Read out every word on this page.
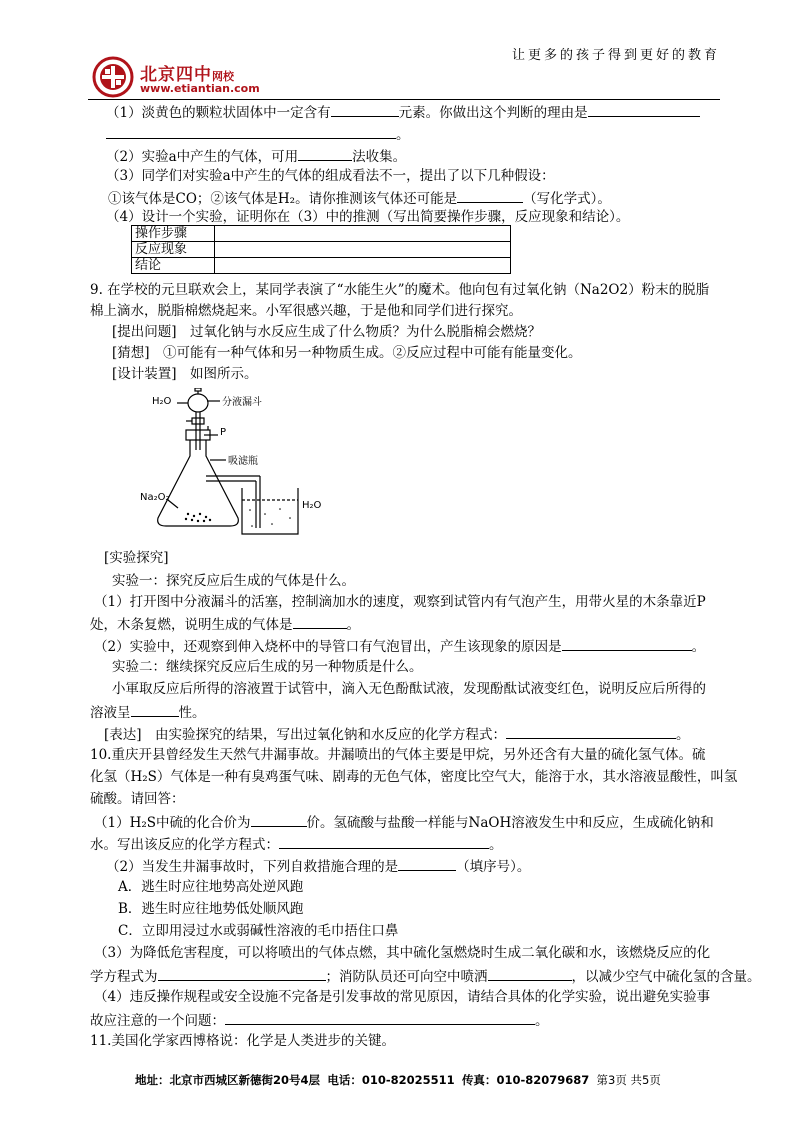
北京四中网校
www.etiantian.com
让更多的孩子得到更好的教育
（1）淡黄色的颗粒状固体中一定含有	元素。你做出这个判断的理由是
。
（2）实验a中产生的气体，可用	法收集。
（3）同学们对实验a中产生的气体的组成看法不一，提出了以下几种假设：
①该气体是CO；②该气体是H₂。请你推测该气体还可能是	（写化学式）。
（4）设计一个实验，证明你在（3）中的推测（写出简要操作步骤，反应现象和结论）。
操作步骤	
反应现象	
结论	
9. 在学校的元旦联欢会上，某同学表演了“水能生火”的魔术。他向包有过氧化钠（Na2O2）粉末的脱脂
棉上滴水，脱脂棉燃烧起来。小军很感兴趣，于是他和同学们进行探究。
[提出问题]　过氧化钠与水反应生成了什么物质？为什么脱脂棉会燃烧？
[猜想]　①可能有一种气体和另一种物质生成。②反应过程中可能有能量变化。
[设计装置]　如图所示。
H₂O	分液漏斗
P
吸滤瓶
Na₂O₂
H₂O
[实验探究]
实验一：探究反应后生成的气体是什么。
（1）打开图中分液漏斗的活塞，控制滴加水的速度，观察到试管内有气泡产生，用带火星的木条靠近P
处，木条复燃，说明生成的气体是	。
（2）实验中，还观察到伸入烧杯中的导管口有气泡冒出，产生该现象的原因是	。
实验二：继续探究反应后生成的另一种物质是什么。
小軍取反应后所得的溶液置于试管中，滴入无色酚酞试液，发现酚酞试液变红色，说明反应后所得的
溶液呈	性。
[表达]　由实验探究的结果，写出过氧化钠和水反应的化学方程式：	。
10.重庆开县曾经发生天然气井漏事故。井漏喷出的气体主要是甲烷，另外还含有大量的硫化氢气体。硫
化氢（H₂S）气体是一种有臭鸡蛋气味、剧毒的无色气体，密度比空气大，能溶于水，其水溶液显酸性，叫氢
硫酸。请回答：
（1）H₂S中硫的化合价为	价。氢硫酸与盐酸一样能与NaOH溶液发生中和反应，生成硫化钠和
水。写出该反应的化学方程式：	。
（2）当发生井漏事故时，下列自救措施合理的是	（填序号）。
A．逃生时应往地势高处逆风跑
B．逃生时应往地势低处顺风跑
C．立即用浸过水或弱碱性溶液的毛巾捂住口鼻
（3）为降低危害程度，可以将喷出的气体点燃，其中硫化氢燃烧时生成二氧化碳和水，该燃烧反应的化
学方程式为	；消防队员还可向空中喷洒	，以减少空气中硫化氢的含量。
（4）违反操作规程或安全设施不完备是引发事故的常见原因，请结合具体的化学实验，说出避免实验事
故应注意的一个问题：	。
11.美国化学家西博格说：化学是人类进步的关键。
地址：北京市西城区新德街20号4层 电话：010-82025511 传真：010-82079687 第3页 共5页
